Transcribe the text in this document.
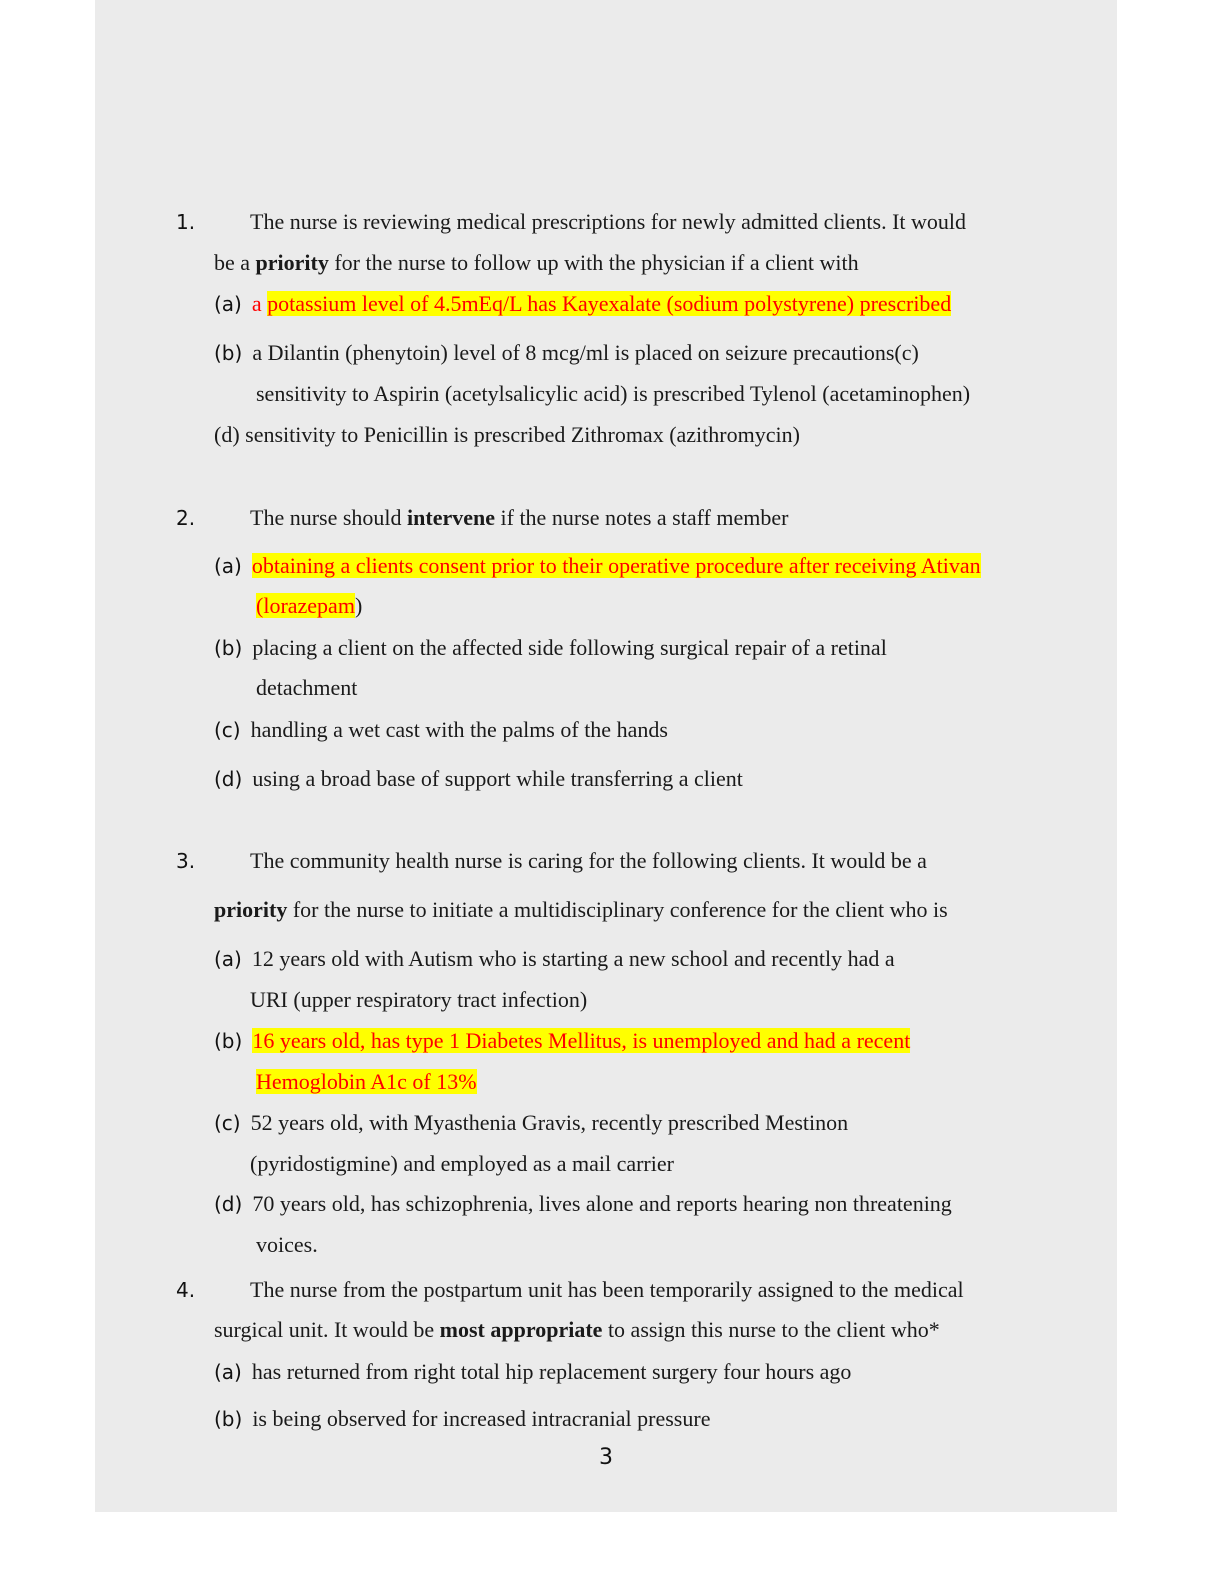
1. The nurse is reviewing medical prescriptions for newly admitted clients. It would
be a priority for the nurse to follow up with the physician if a client with
(a) a potassium level of 4.5mEq/L has Kayexalate (sodium polystyrene) prescribed
(b) a Dilantin (phenytoin) level of 8 mcg/ml is placed on seizure precautions(c)
sensitivity to Aspirin (acetylsalicylic acid) is prescribed Tylenol (acetaminophen)
(d) sensitivity to Penicillin is prescribed Zithromax (azithromycin)
2. The nurse should intervene if the nurse notes a staff member
(a) obtaining a clients consent prior to their operative procedure after receiving Ativan
(lorazepam)
(b) placing a client on the affected side following surgical repair of a retinal
detachment
(c) handling a wet cast with the palms of the hands
(d) using a broad base of support while transferring a client
3. The community health nurse is caring for the following clients. It would be a
priority for the nurse to initiate a multidisciplinary conference for the client who is
(a) 12 years old with Autism who is starting a new school and recently had a
URI (upper respiratory tract infection)
(b) 16 years old, has type 1 Diabetes Mellitus, is unemployed and had a recent
Hemoglobin A1c of 13%
(c) 52 years old, with Myasthenia Gravis, recently prescribed Mestinon
(pyridostigmine) and employed as a mail carrier
(d) 70 years old, has schizophrenia, lives alone and reports hearing non threatening
voices.
4. The nurse from the postpartum unit has been temporarily assigned to the medical
surgical unit. It would be most appropriate to assign this nurse to the client who*
(a) has returned from right total hip replacement surgery four hours ago
(b) is being observed for increased intracranial pressure
3
